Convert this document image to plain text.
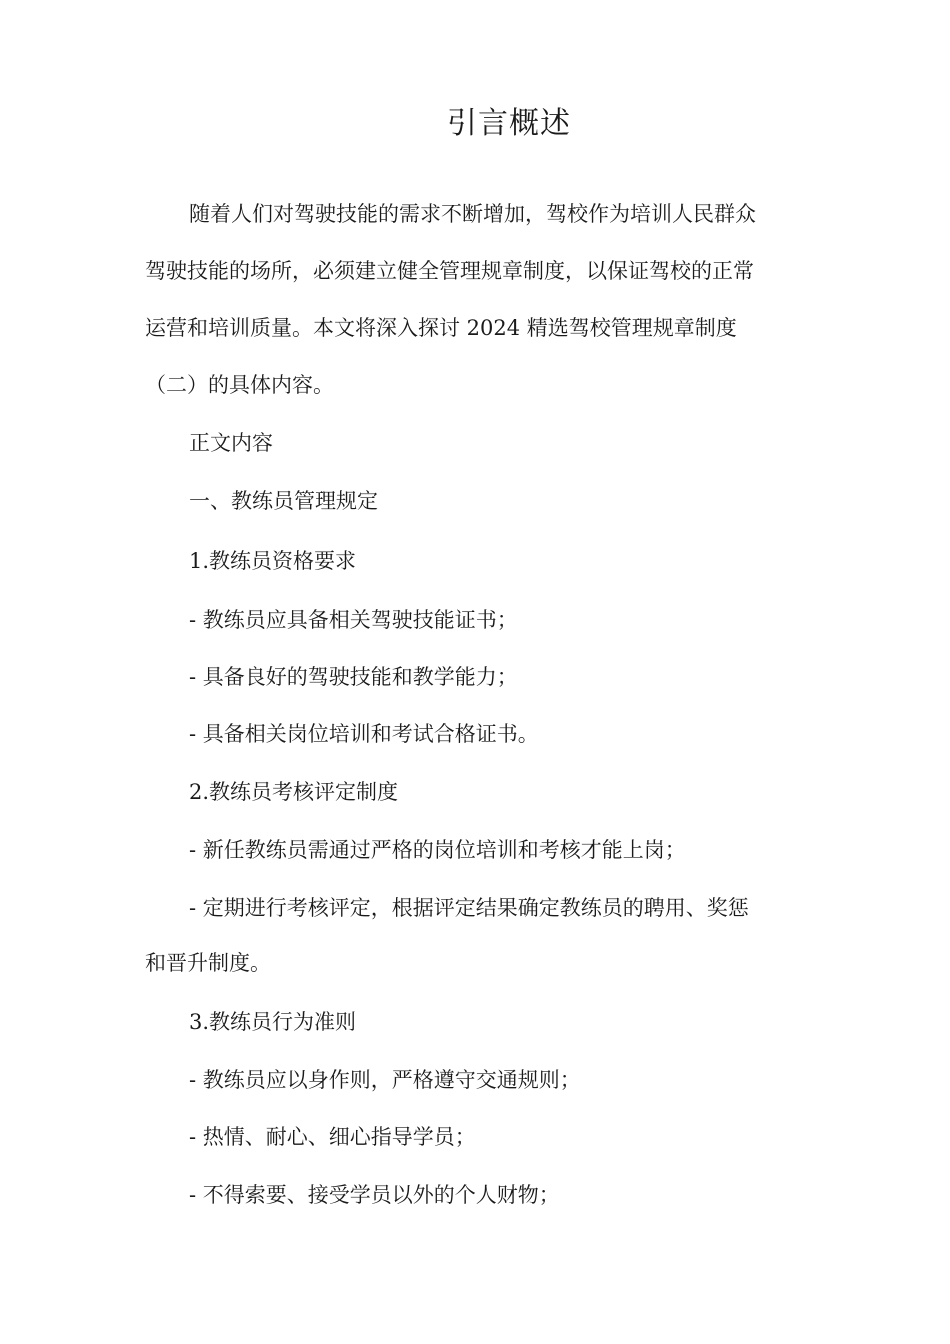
引言概述
随着人们对驾驶技能的需求不断增加，驾校作为培训人民群众
驾驶技能的场所，必须建立健全管理规章制度，以保证驾校的正常
运营和培训质量。本文将深入探讨 2024 精选驾校管理规章制度
（二）的具体内容。
正文内容
一、教练员管理规定
1.教练员资格要求
- 教练员应具备相关驾驶技能证书；
- 具备良好的驾驶技能和教学能力；
- 具备相关岗位培训和考试合格证书。
2.教练员考核评定制度
- 新任教练员需通过严格的岗位培训和考核才能上岗；
- 定期进行考核评定，根据评定结果确定教练员的聘用、奖惩
和晋升制度。
3.教练员行为准则
- 教练员应以身作则，严格遵守交通规则；
- 热情、耐心、细心指导学员；
- 不得索要、接受学员以外的个人财物；
